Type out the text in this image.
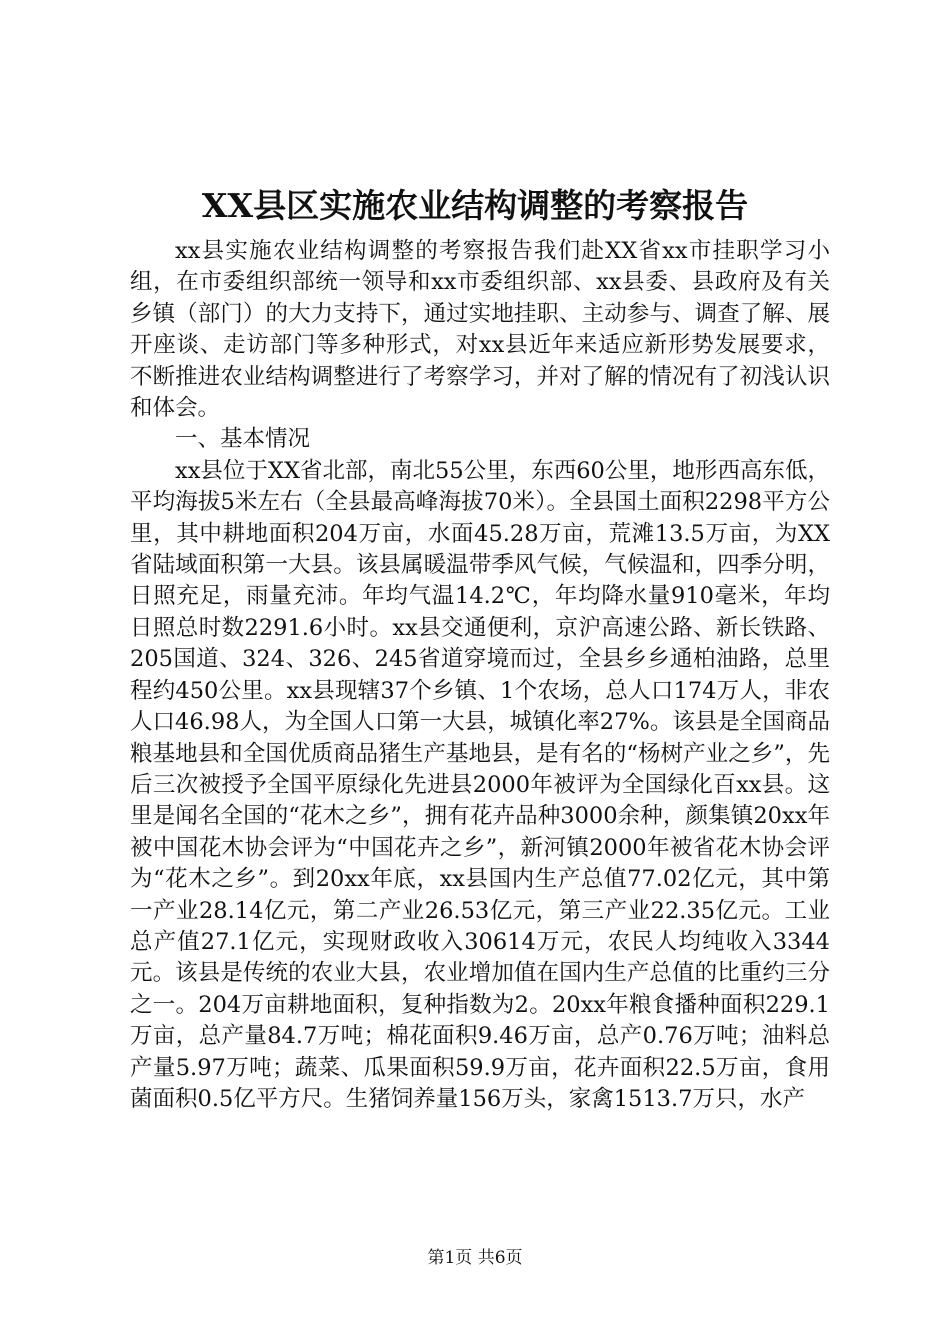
XX县区实施农业结构调整的考察报告

xx县实施农业结构调整的考察报告我们赴XX省xx市挂职学习小组，在市委组织部统一领导和xx市委组织部、xx县委、县政府及有关乡镇（部门）的大力支持下，通过实地挂职、主动参与、调查了解、展开座谈、走访部门等多种形式，对xx县近年来适应新形势发展要求，不断推进农业结构调整进行了考察学习，并对了解的情况有了初浅认识和体会。

一、基本情况

xx县位于XX省北部，南北55公里，东西60公里，地形西高东低，平均海拔5米左右（全县最高峰海拔70米）。全县国土面积2298平方公里，其中耕地面积204万亩，水面45.28万亩，荒滩13.5万亩，为XX省陆域面积第一大县。该县属暖温带季风气候，气候温和，四季分明，日照充足，雨量充沛。年均气温14.2℃，年均降水量910毫米，年均日照总时数2291.6小时。xx县交通便利，京沪高速公路、新长铁路、205国道、324、326、245省道穿境而过，全县乡乡通柏油路，总里程约450公里。xx县现辖37个乡镇、1个农场，总人口174万人，非农人口46.98人，为全国人口第一大县，城镇化率27%。该县是全国商品粮基地县和全国优质商品猪生产基地县，是有名的“杨树产业之乡”，先后三次被授予全国平原绿化先进县2000年被评为全国绿化百xx县。这里是闻名全国的“花木之乡”，拥有花卉品种3000余种，颜集镇20xx年被中国花木协会评为“中国花卉之乡”，新河镇2000年被省花木协会评为“花木之乡”。到20xx年底，xx县国内生产总值77.02亿元，其中第一产业28.14亿元，第二产业26.53亿元，第三产业22.35亿元。工业总产值27.1亿元，实现财政收入30614万元，农民人均纯收入3344元。该县是传统的农业大县，农业增加值在国内生产总值的比重约三分之一。204万亩耕地面积，复种指数为2。20xx年粮食播种面积229.1万亩，总产量84.7万吨；棉花面积9.46万亩，总产0.76万吨；油料总产量5.97万吨；蔬菜、瓜果面积59.9万亩，花卉面积22.5万亩，食用菌面积0.5亿平方尺。生猪饲养量156万头，家禽1513.7万只，水产

第1页 共6页
